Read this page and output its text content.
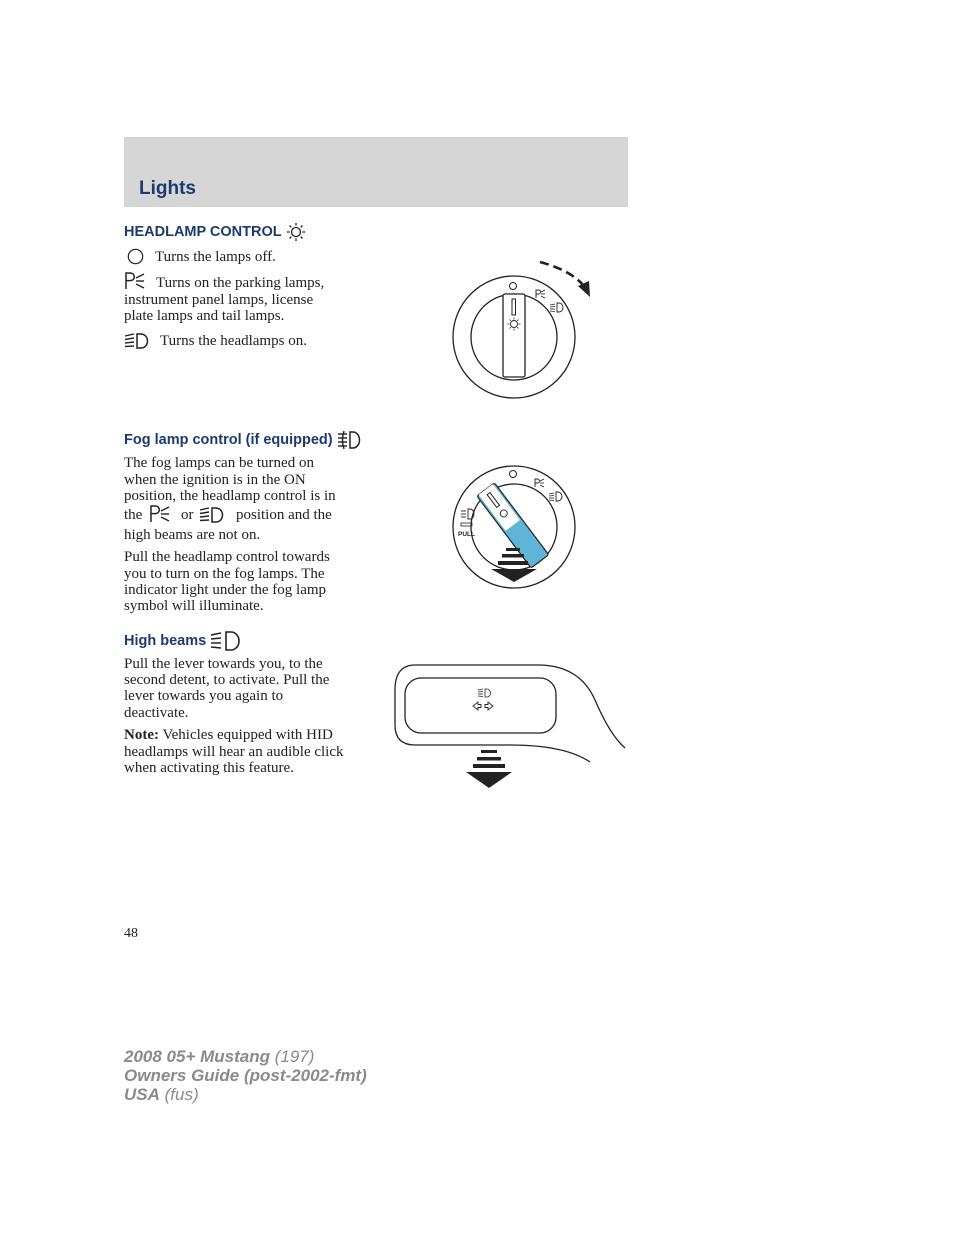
Lights
HEADLAMP CONTROL
Turns the lamps off.
Turns on the parking lamps,
instrument panel lamps, license
plate lamps and tail lamps.
Turns the headlamps on.
Fog lamp control (if equipped)
The fog lamps can be turned on
when the ignition is in the ON
position, the headlamp control is in
the	or	position and the
high beams are not on.
Pull the headlamp control towards
you to turn on the fog lamps. The
indicator light under the fog lamp
symbol will illuminate.
PULL
High beams
Pull the lever towards you, to the
second detent, to activate. Pull the
lever towards you again to
deactivate.
Note: Vehicles equipped with HID
headlamps will hear an audible click
when activating this feature.
48
2008 05+ Mustang (197)
Owners Guide (post-2002-fmt)
USA (fus)
